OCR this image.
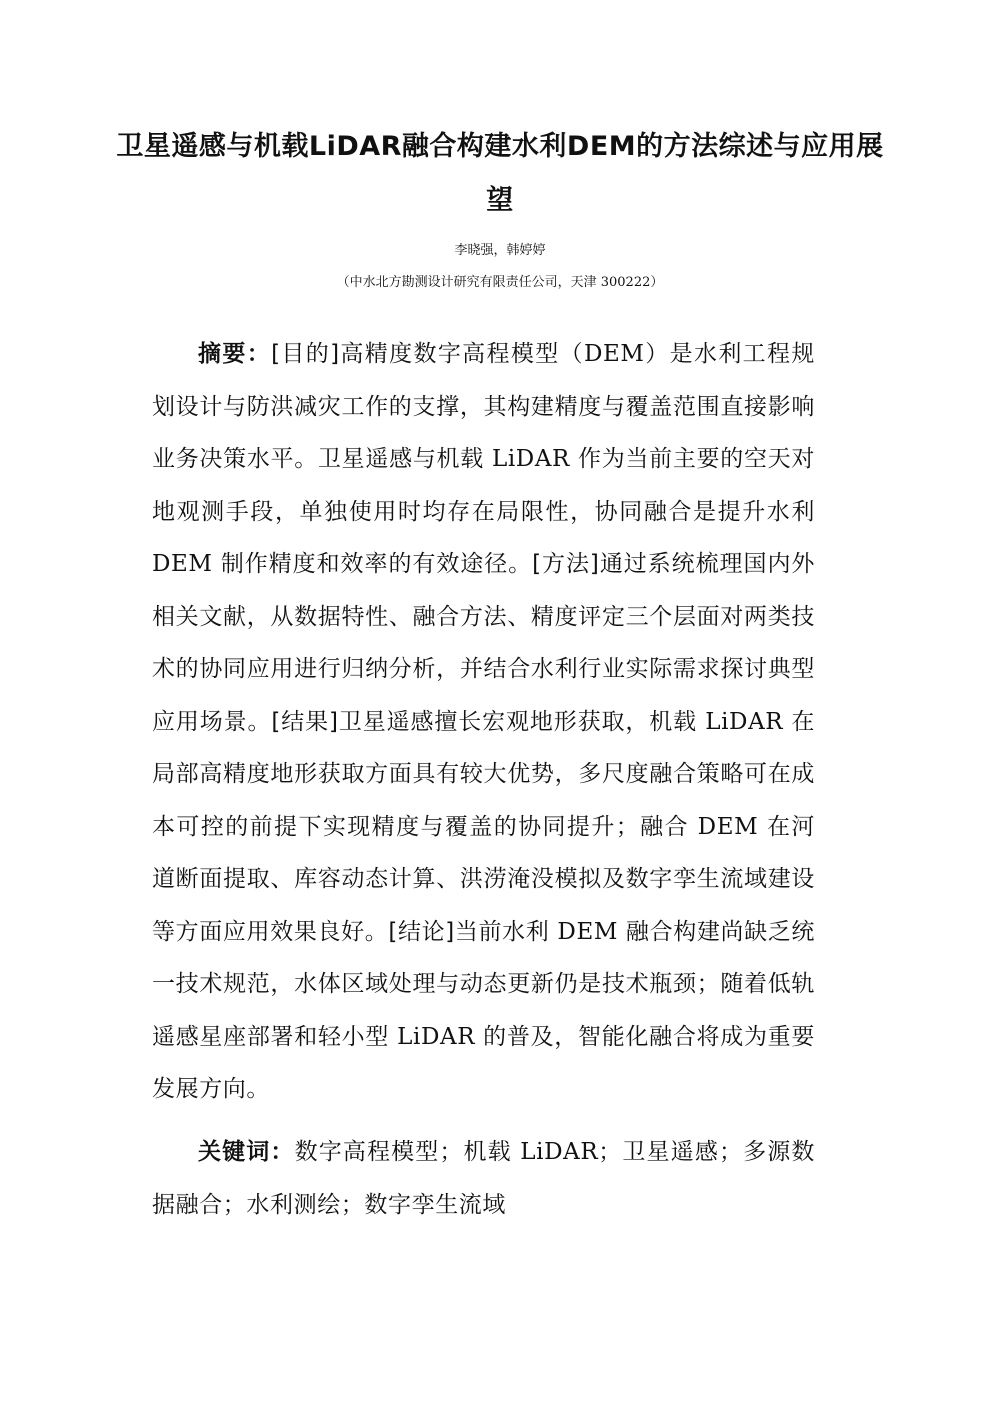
卫星遥感与机载LiDAR融合构建水利DEM的方法综述与应用展望
李晓强，韩婷婷
（中水北方勘测设计研究有限责任公司，天津 300222）
摘要：[目的]高精度数字高程模型（DEM）是水利工程规划设计与防洪减灾工作的支撑，其构建精度与覆盖范围直接影响业务决策水平。卫星遥感与机载 LiDAR 作为当前主要的空天对地观测手段，单独使用时均存在局限性，协同融合是提升水利 DEM 制作精度和效率的有效途径。[方法]通过系统梳理国内外相关文献，从数据特性、融合方法、精度评定三个层面对两类技术的协同应用进行归纳分析，并结合水利行业实际需求探讨典型应用场景。[结果]卫星遥感擅长宏观地形获取，机载 LiDAR 在局部高精度地形获取方面具有较大优势，多尺度融合策略可在成本可控的前提下实现精度与覆盖的协同提升；融合 DEM 在河道断面提取、库容动态计算、洪涝淹没模拟及数字孪生流域建设等方面应用效果良好。[结论]当前水利 DEM 融合构建尚缺乏统一技术规范，水体区域处理与动态更新仍是技术瓶颈；随着低轨遥感星座部署和轻小型 LiDAR 的普及，智能化融合将成为重要发展方向。
关键词：数字高程模型；机载 LiDAR；卫星遥感；多源数据融合；水利测绘；数字孪生流域
